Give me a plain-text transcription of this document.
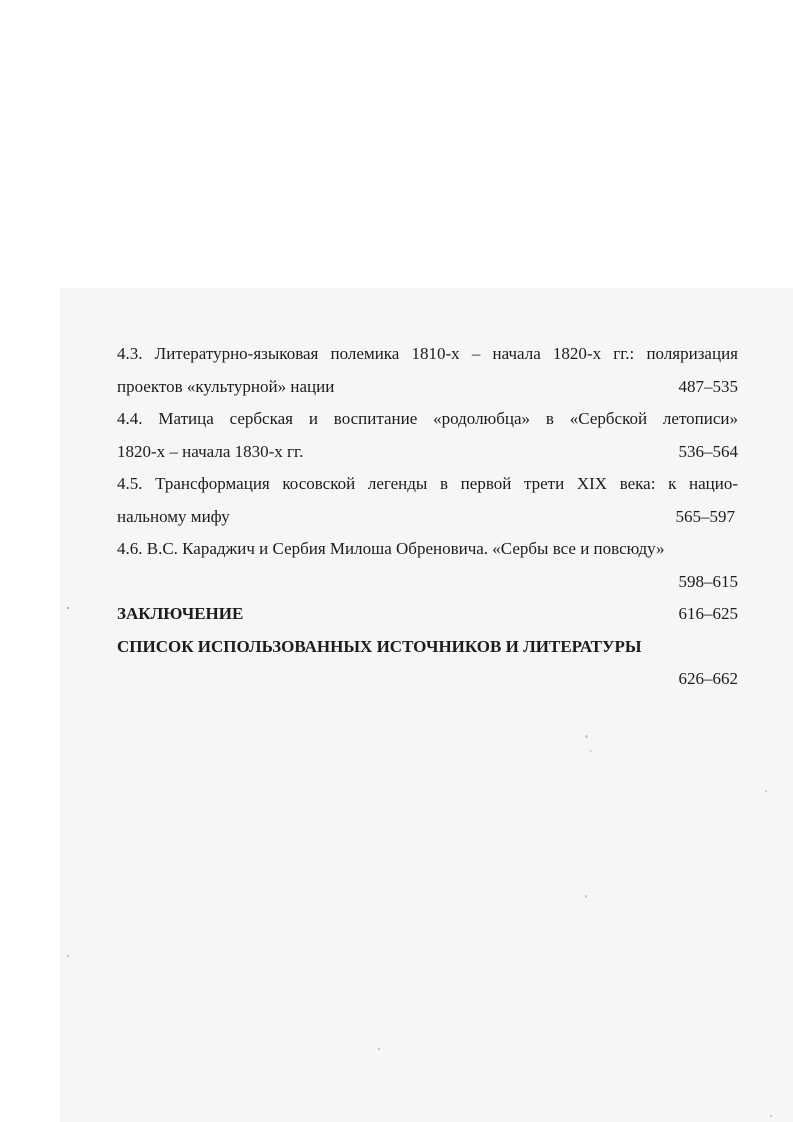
4.3. Литературно-языковая полемика 1810-х – начала 1820-х гг.: поляризация
проектов «культурной» нации	487–535
4.4. Матица сербская и воспитание «родолюбца» в «Сербской летописи»
1820-х – начала 1830-х гг.	536–564
4.5. Трансформация косовской легенды в первой трети XIX века: к нацио-
нальному мифу	565–597
4.6. В.С. Караджич и Сербия Милоша Обреновича. «Сербы все и повсюду»
598–615
ЗАКЛЮЧЕНИЕ	616–625
СПИСОК ИСПОЛЬЗОВАННЫХ ИСТОЧНИКОВ И ЛИТЕРАТУРЫ
626–662
